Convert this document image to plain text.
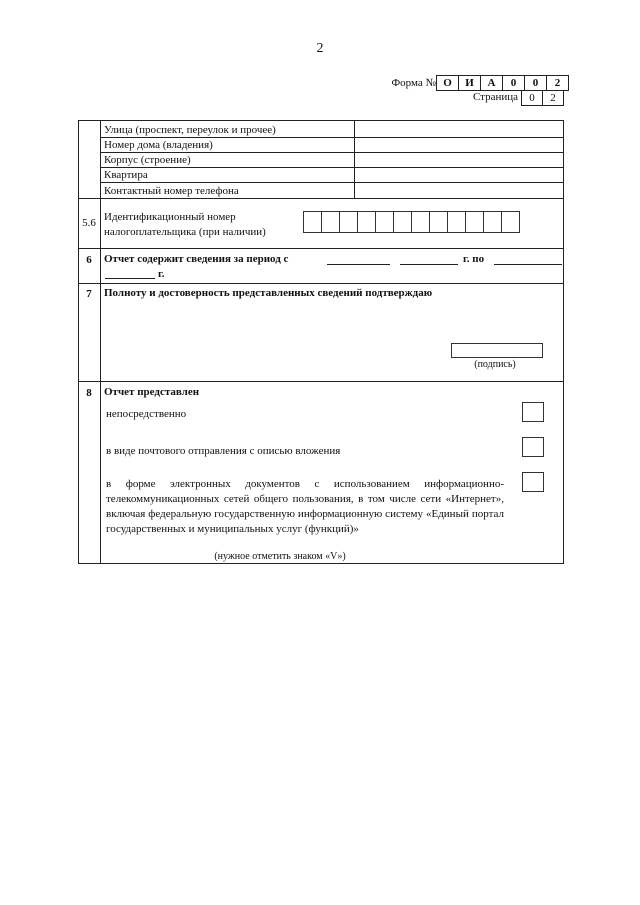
2
Форма № О	И	А	0	0	2
Страница	0	2
Улица (проспект, переулок и прочее)
Номер дома (владения)
Корпус (строение)
Квартира
Контактный номер телефона
5.6 Идентификационный номер
налогоплательщика (при наличии)
6	Отчет содержит сведения за период с	г. по
г.
7	Полноту и достоверность представленных сведений подтверждаю
(подпись)
8	Отчет представлен
непосредственно
в виде почтового отправления с описью вложения
в форме электронных документов с использованием информационно-телекоммуникационных сетей общего пользования, в том числе сети «Интернет», включая федеральную государственную информационную систему «Единый портал государственных и муниципальных услуг (функций)»
(нужное отметить знаком «V»)
